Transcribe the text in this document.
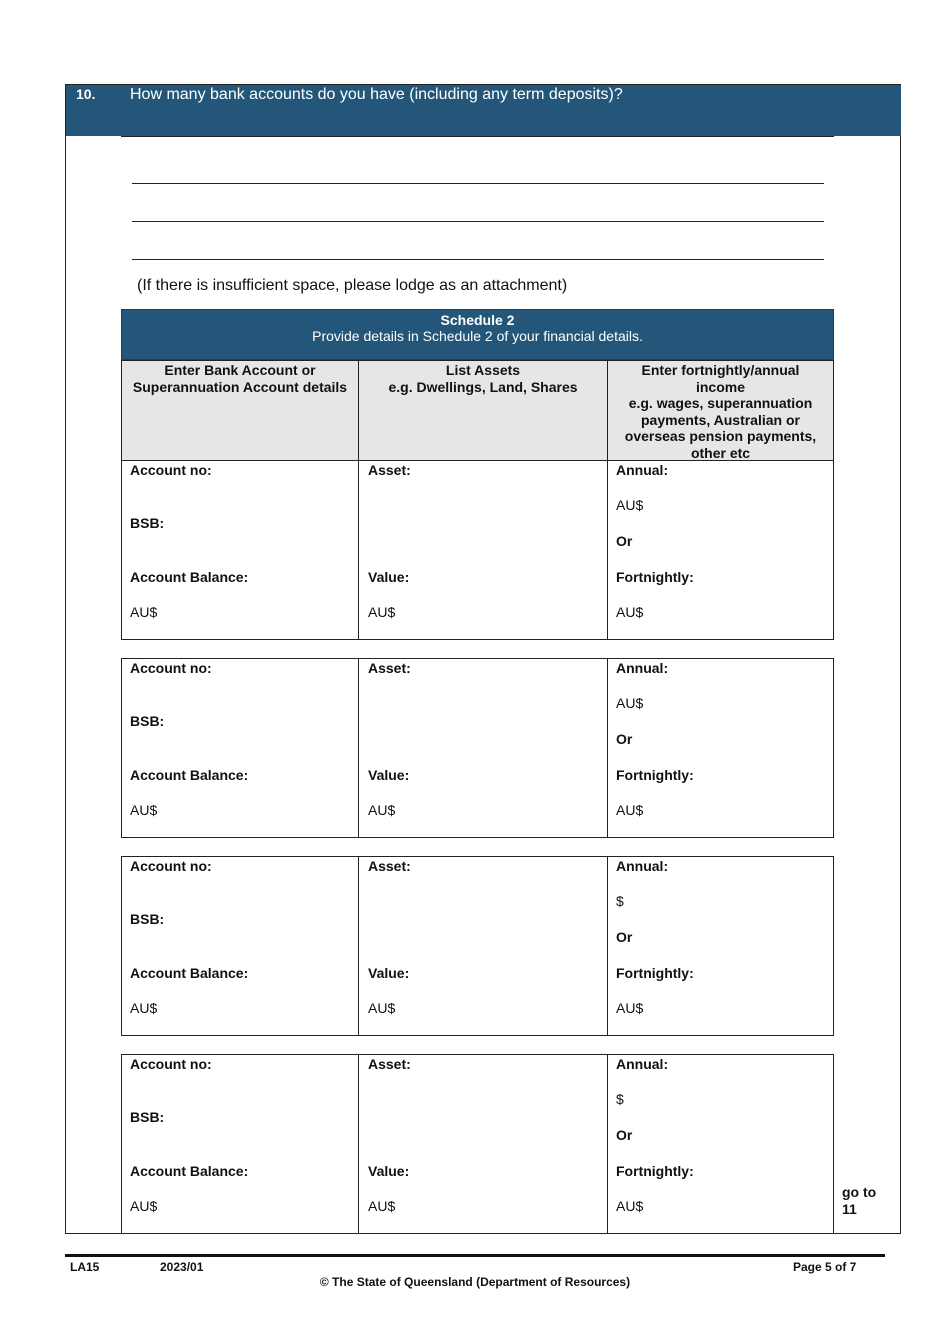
10. How many bank accounts do you have (including any term deposits)?
(If there is insufficient space, please lodge as an attachment)
Schedule 2
Provide details in Schedule 2 of your financial details.
Enter Bank Account or
Superannuation Account details
List Assets
e.g. Dwellings, Land, Shares
Enter fortnightly/annual income
e.g. wages, superannuation payments, Australian or overseas pension payments, other etc
Account no:
BSB:
Account Balance:
AU$
Asset:
Value:
AU$
Annual:
AU$
Or
Fortnightly:
AU$
Account no:
BSB:
Account Balance:
AU$
Asset:
Value:
AU$
Annual:
AU$
Or
Fortnightly:
AU$
Account no:
BSB:
Account Balance:
AU$
Asset:
Value:
AU$
Annual:
$
Or
Fortnightly:
AU$
Account no:
BSB:
Account Balance:
AU$
Asset:
Value:
AU$
Annual:
$
Or
Fortnightly:
AU$
go to
11
LA15	2023/01	Page 5 of 7
© The State of Queensland (Department of Resources)
